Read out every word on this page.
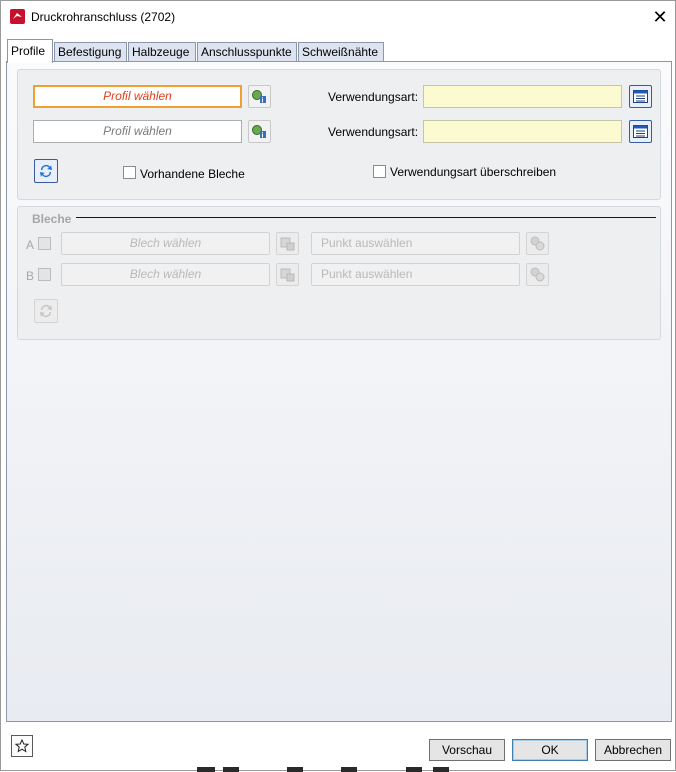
Druckrohranschluss (2702)	✕
Profile	Befestigung Halbzeuge Anschlusspunkte Schweißnähte
Profil wählen	i	Verwendungsart:
Profil wählen	i	Verwendungsart:
Vorhandene Bleche	Verwendungsart überschreiben
Bleche
A	Blech wählen	Punkt auswählen
B	Blech wählen	Punkt auswählen
Vorschau	OK	Abbrechen
